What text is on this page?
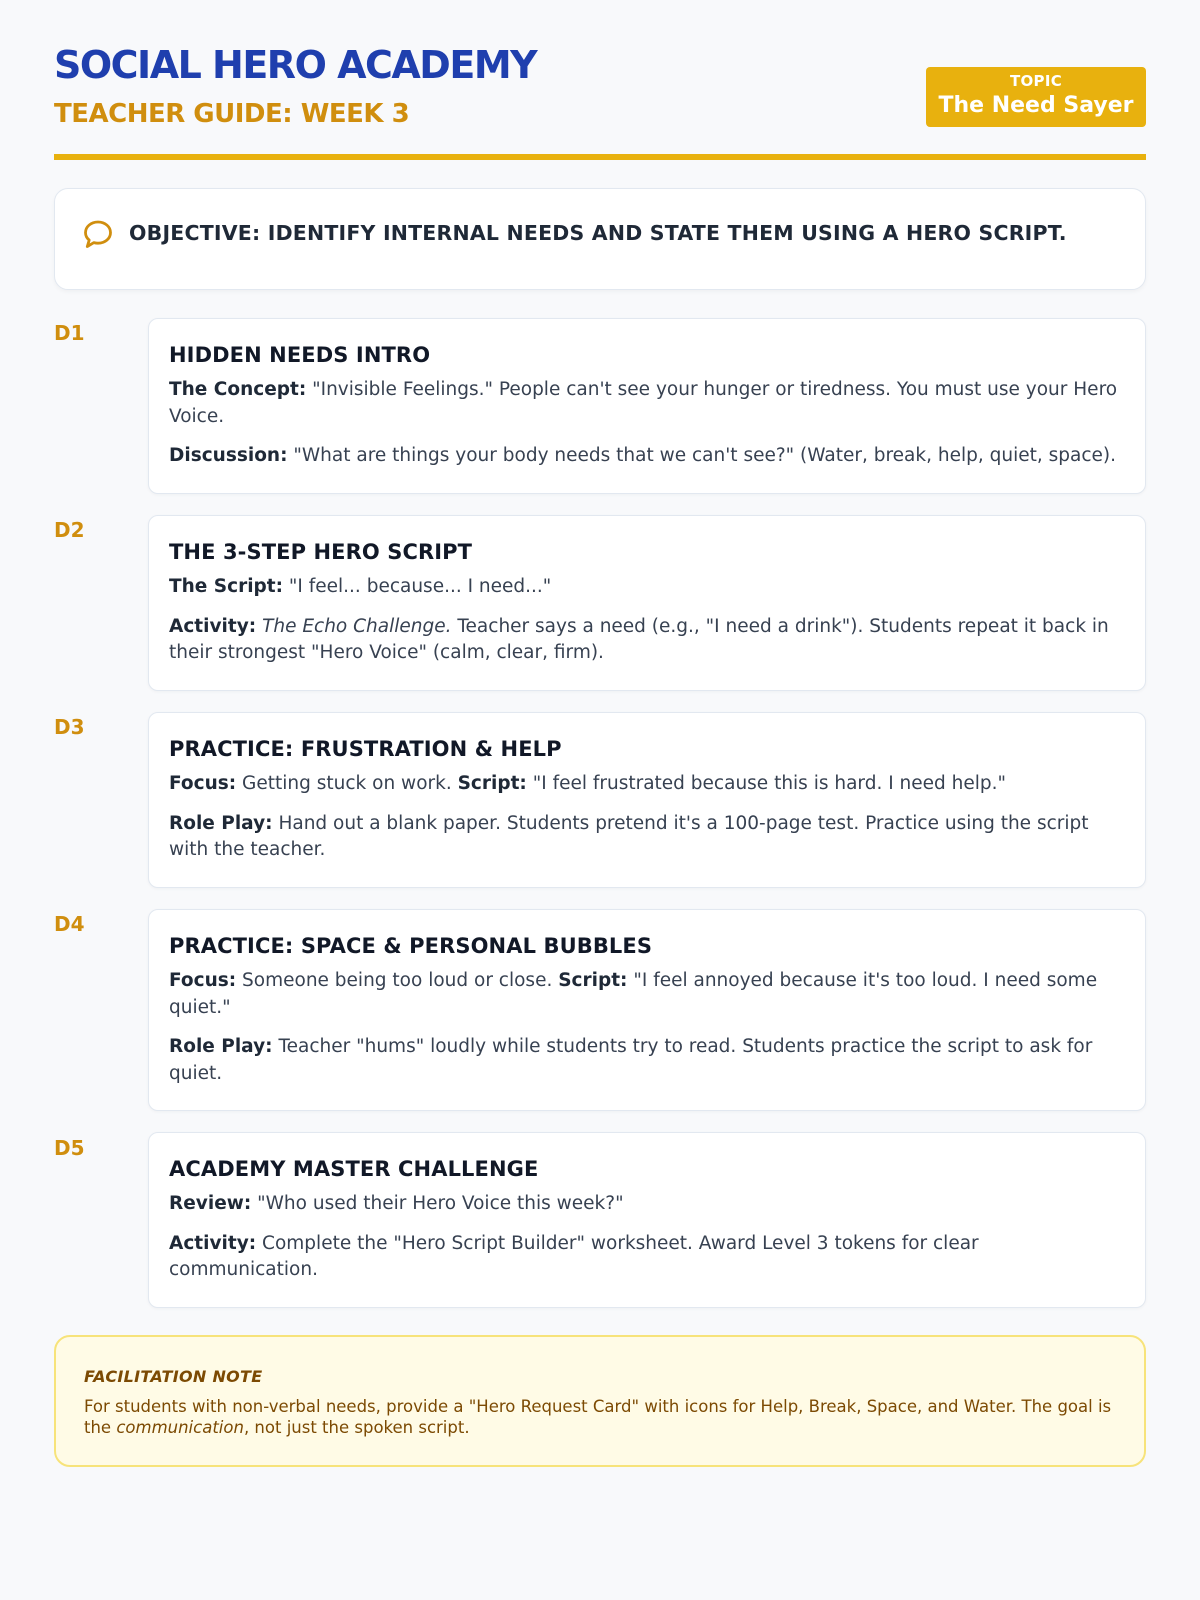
SOCIAL HERO ACADEMY
TEACHER GUIDE: WEEK 3
TOPIC
The Need Sayer
OBJECTIVE: IDENTIFY INTERNAL NEEDS AND STATE THEM USING A HERO SCRIPT.
D1
HIDDEN NEEDS INTRO

The Concept: "Invisible Feelings." People can't see your hunger or tiredness. You must use your Hero Voice.

Discussion: "What are things your body needs that we can't see?" (Water, break, help, quiet, space).

D2
THE 3-STEP HERO SCRIPT

The Script: "I feel... because... I need..."

Activity: The Echo Challenge. Teacher says a need (e.g., "I need a drink"). Students repeat it back in their strongest "Hero Voice" (calm, clear, firm).

D3
PRACTICE: FRUSTRATION & HELP

Focus: Getting stuck on work. Script: "I feel frustrated because this is hard. I need help."

Role Play: Hand out a blank paper. Students pretend it's a 100-page test. Practice using the script with the teacher.

D4
PRACTICE: SPACE & PERSONAL BUBBLES

Focus: Someone being too loud or close. Script: "I feel annoyed because it's too loud. I need some quiet."

Role Play: Teacher "hums" loudly while students try to read. Students practice the script to ask for quiet.

D5
ACADEMY MASTER CHALLENGE

Review: "Who used their Hero Voice this week?"

Activity: Complete the "Hero Script Builder" worksheet. Award Level 3 tokens for clear communication.

FACILITATION NOTE

For students with non-verbal needs, provide a "Hero Request Card" with icons for Help, Break, Space, and Water. The goal is the communication, not just the spoken script.
